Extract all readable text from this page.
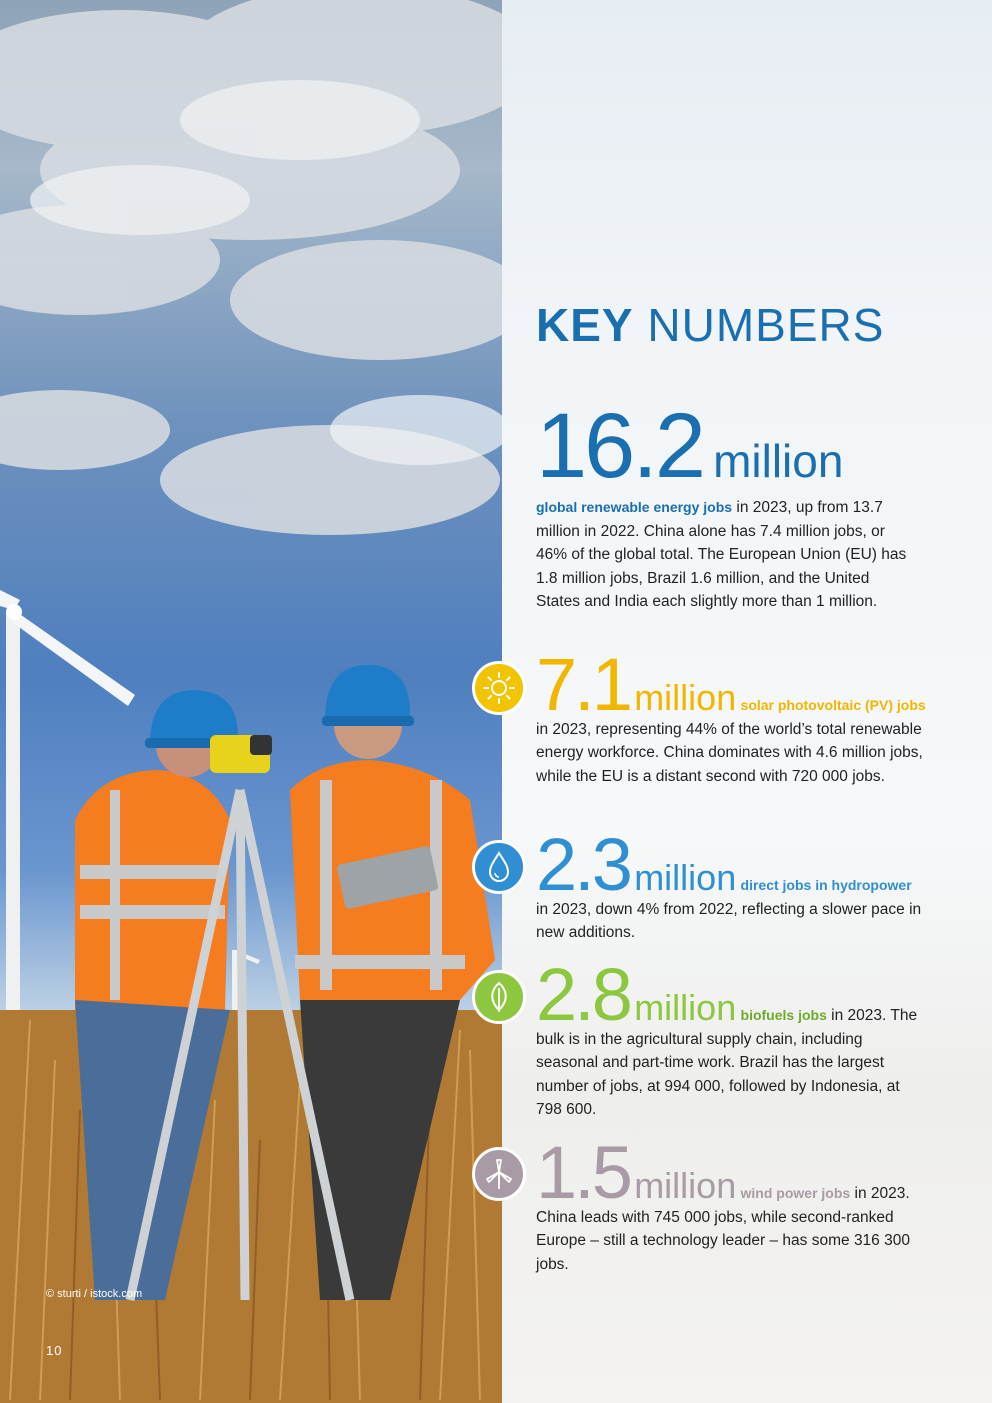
© sturti / istock.com
10
KEY NUMBERS
16.2 million
global renewable energy jobs in 2023, up from 13.7 million in 2022. China alone has 7.4 million jobs, or 46% of the global total. The European Union (EU) has 1.8 million jobs, Brazil 1.6 million, and the United States and India each slightly more than 1 million.
7.1 million solar photovoltaic (PV) jobs in 2023, representing 44% of the world’s total renewable energy workforce. China dominates with 4.6 million jobs, while the EU is a distant second with 720 000 jobs.
2.3 million direct jobs in hydropower in 2023, down 4% from 2022, reflecting a slower pace in new additions.
2.8 million biofuels jobs in 2023. The bulk is in the agricultural supply chain, including seasonal and part-time work. Brazil has the largest number of jobs, at 994 000, followed by Indonesia, at 798 600.
1.5 million wind power jobs in 2023. China leads with 745 000 jobs, while second-ranked Europe – still a technology leader – has some 316 300 jobs.
